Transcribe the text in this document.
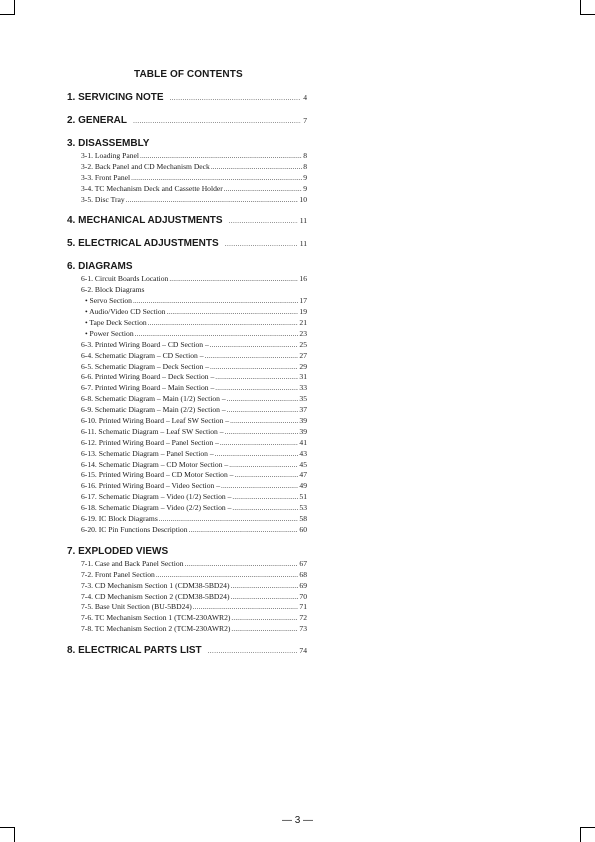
TABLE OF CONTENTS
1. SERVICING NOTE .....	4
2. GENERAL .....	7
3. DISASSEMBLY
3-1. Loading Panel .....	8
3-2. Back Panel and CD Mechanism Deck .....	8
3-3. Front Panel .....	9
3-4. TC Mechanism Deck and Cassette Holder .....	9
3-5. Disc Tray .....	10
4. MECHANICAL ADJUSTMENTS .....	11
5. ELECTRICAL ADJUSTMENTS .....	11
6. DIAGRAMS
6-1. Circuit Boards Location .....	16
6-2. Block Diagrams
• Servo Section .....	17
• Audio/Video CD Section .....	19
• Tape Deck Section .....	21
• Power Section .....	23
6-3. Printed Wiring Board – CD Section – .....	25
6-4. Schematic Diagram – CD Section – .....	27
6-5. Schematic Diagram – Deck Section – .....	29
6-6. Printed Wiring Board – Deck Section – .....	31
6-7. Printed Wiring Board – Main Section – .....	33
6-8. Schematic Diagram – Main (1/2) Section – .....	35
6-9. Schematic Diagram – Main (2/2) Section – .....	37
6-10. Printed Wiring Board – Leaf SW Section – .....	39
6-11. Schematic Diagram – Leaf SW Section – .....	39
6-12. Printed Wiring Board – Panel Section – .....	41
6-13. Schematic Diagram – Panel Section – .....	43
6-14. Schematic Diagram – CD Motor Section – .....	45
6-15. Printed Wiring Board – CD Motor Section – .....	47
6-16. Printed Wiring Board – Video Section – .....	49
6-17. Schematic Diagram – Video (1/2) Section – .....	51
6-18. Schematic Diagram – Video (2/2) Section – .....	53
6-19. IC Block Diagrams .....	58
6-20. IC Pin Functions Description .....	60
7. EXPLODED VIEWS
7-1. Case and Back Panel Section .....	67
7-2. Front Panel Section .....	68
7-3. CD Mechanism Section 1 (CDM38-5BD24) .....	69
7-4. CD Mechanism Section 2 (CDM38-5BD24) .....	70
7-5. Base Unit Section (BU-5BD24) .....	71
7-6. TC Mechanism Section 1 (TCM-230AWR2) .....	72
7-8. TC Mechanism Section 2 (TCM-230AWR2) .....	73
8. ELECTRICAL PARTS LIST .....	74
— 3 —
